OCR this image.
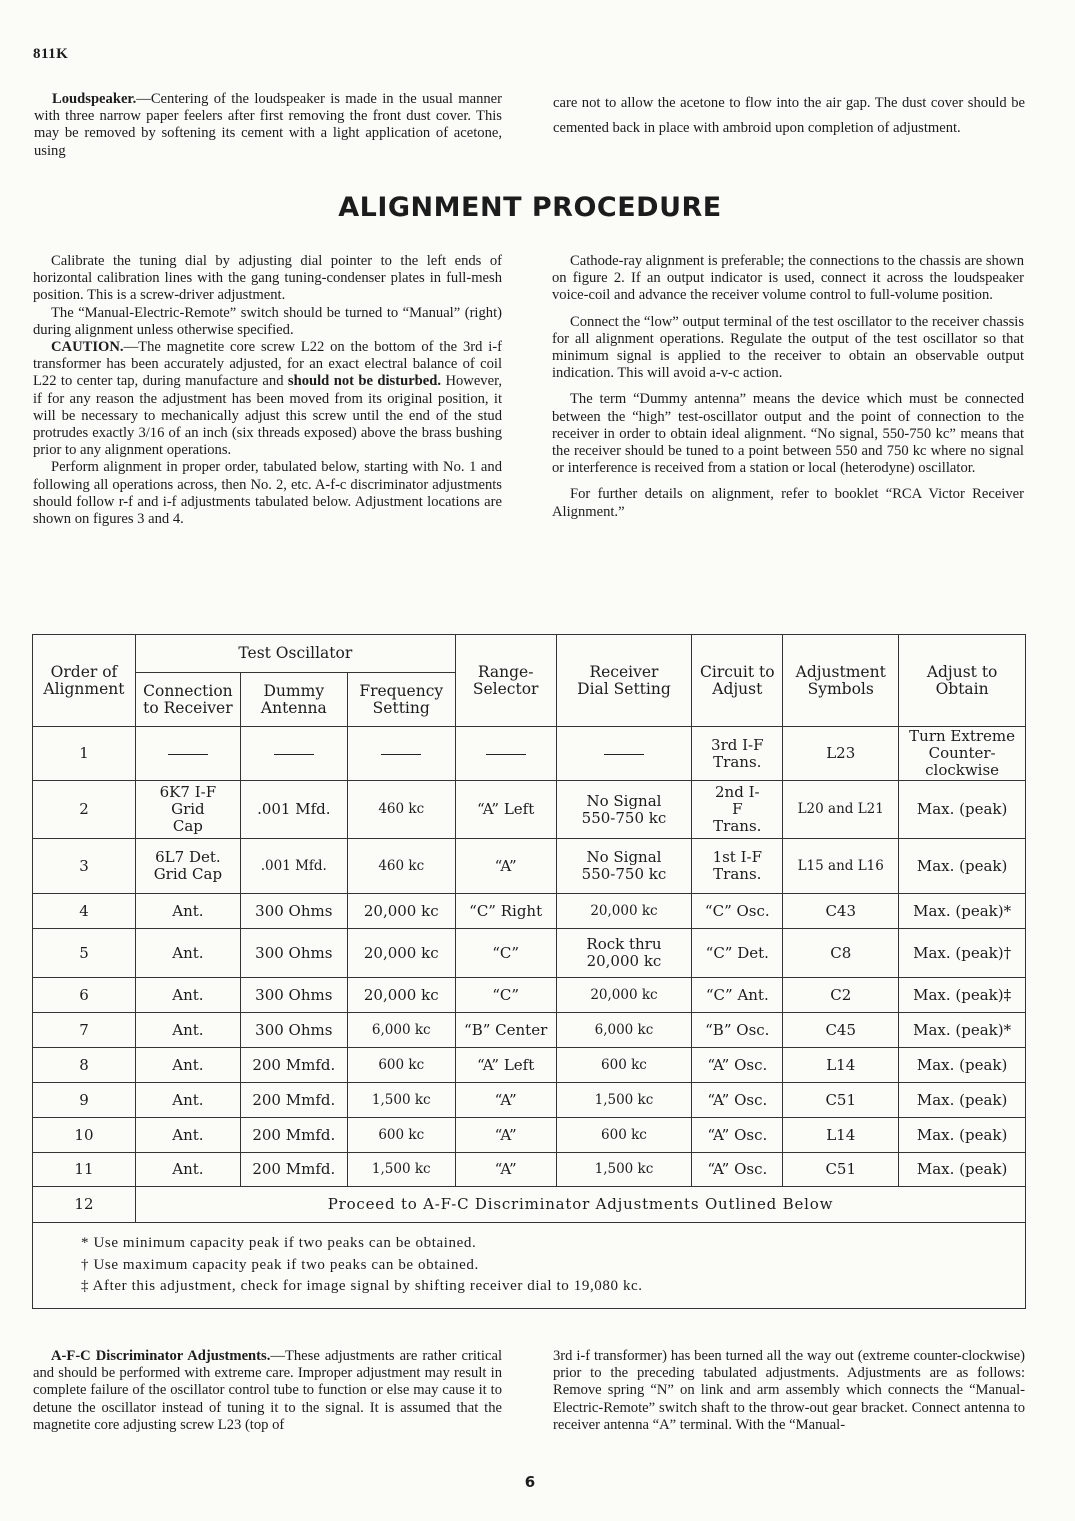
811K

Loudspeaker.—Centering of the loudspeaker is made in the usual manner with three narrow paper feelers after first removing the front dust cover. This may be removed by softening its cement with a light application of acetone, using

care not to allow the acetone to flow into the air gap. The dust cover should be cemented back in place with ambroid upon completion of adjustment.

ALIGNMENT PROCEDURE

Calibrate the tuning dial by adjusting dial pointer to the left ends of horizontal calibration lines with the gang tuning-condenser plates in full-mesh position. This is a screw-driver adjustment.

The “Manual-Electric-Remote” switch should be turned to “Manual” (right) during alignment unless otherwise specified.

CAUTION.—The magnetite core screw L22 on the bottom of the 3rd i-f transformer has been accurately adjusted, for an exact electral balance of coil L22 to center tap, during manufacture and should not be disturbed. However, if for any reason the adjustment has been moved from its original position, it will be necessary to mechanically adjust this screw until the end of the stud protrudes exactly 3/16 of an inch (six threads exposed) above the brass bushing prior to any alignment operations.

Perform alignment in proper order, tabulated below, starting with No. 1 and following all operations across, then No. 2, etc. A-f-c discriminator adjustments should follow r-f and i-f adjustments tabulated below. Adjustment locations are shown on figures 3 and 4.

Cathode-ray alignment is preferable; the connections to the chassis are shown on figure 2. If an output indicator is used, connect it across the loudspeaker voice-coil and advance the receiver volume control to full-volume position.

Connect the “low” output terminal of the test oscillator to the receiver chassis for all alignment operations. Regulate the output of the test oscillator so that minimum signal is applied to the receiver to obtain an observable output indication. This will avoid a-v-c action.

The term “Dummy antenna” means the device which must be connected between the “high” test-oscillator output and the point of connection to the receiver in order to obtain ideal alignment. “No signal, 550-750 kc” means that the receiver should be tuned to a point between 550 and 750 kc where no signal or interference is received from a station or local (heterodyne) oscillator.

For further details on alignment, refer to booklet “RCA Victor Receiver Alignment.”

Order of Alignment	Test Oscillator			Range-Selector	Receiver Dial Setting	Circuit to Adjust	Adjustment Symbols	Adjust to Obtain
	Connection to Receiver	Dummy Antenna	Frequency Setting					
1						3rd I-F Trans.	L23	Turn Extreme Counter-clockwise
2	6K7 I-F Grid Cap	.001 Mfd.	460 kc	“A” Left	No Signal 550-750 kc	2nd I-F Trans.	L20 and L21	Max. (peak)
3	6L7 Det. Grid Cap	.001 Mfd.	460 kc	“A”	No Signal 550-750 kc	1st I-F Trans.	L15 and L16	Max. (peak)
4	Ant.	300 Ohms	20,000 kc	“C” Right	20,000 kc	“C” Osc.	C43	Max. (peak)*
5	Ant.	300 Ohms	20,000 kc	“C”	Rock thru 20,000 kc	“C” Det.	C8	Max. (peak)†
6	Ant.	300 Ohms	20,000 kc	“C”	20,000 kc	“C” Ant.	C2	Max. (peak)‡
7	Ant.	300 Ohms	6,000 kc	“B” Center	6,000 kc	“B” Osc.	C45	Max. (peak)*
8	Ant.	200 Mmfd.	600 kc	“A” Left	600 kc	“A” Osc.	L14	Max. (peak)
9	Ant.	200 Mmfd.	1,500 kc	“A”	1,500 kc	“A” Osc.	C51	Max. (peak)
10	Ant.	200 Mmfd.	600 kc	“A”	600 kc	“A” Osc.	L14	Max. (peak)
11	Ant.	200 Mmfd.	1,500 kc	“A”	1,500 kc	“A” Osc.	C51	Max. (peak)
12	Proceed to A-F-C Discriminator Adjustments Outlined Below							

* Use minimum capacity peak if two peaks can be obtained.
† Use maximum capacity peak if two peaks can be obtained.
‡ After this adjustment, check for image signal by shifting receiver dial to 19,080 kc.								

A-F-C Discriminator Adjustments.—These adjustments are rather critical and should be performed with extreme care. Improper adjustment may result in complete failure of the oscillator control tube to function or else may cause it to detune the oscillator instead of tuning it to the signal. It is assumed that the magnetite core adjusting screw L23 (top of

3rd i-f transformer) has been turned all the way out (extreme counter-clockwise) prior to the preceding tabulated adjustments. Adjustments are as follows: Remove spring “N” on link and arm assembly which connects the “Manual-Electric-Remote” switch shaft to the throw-out gear bracket. Connect antenna to receiver antenna “A” terminal. With the “Manual-

6
